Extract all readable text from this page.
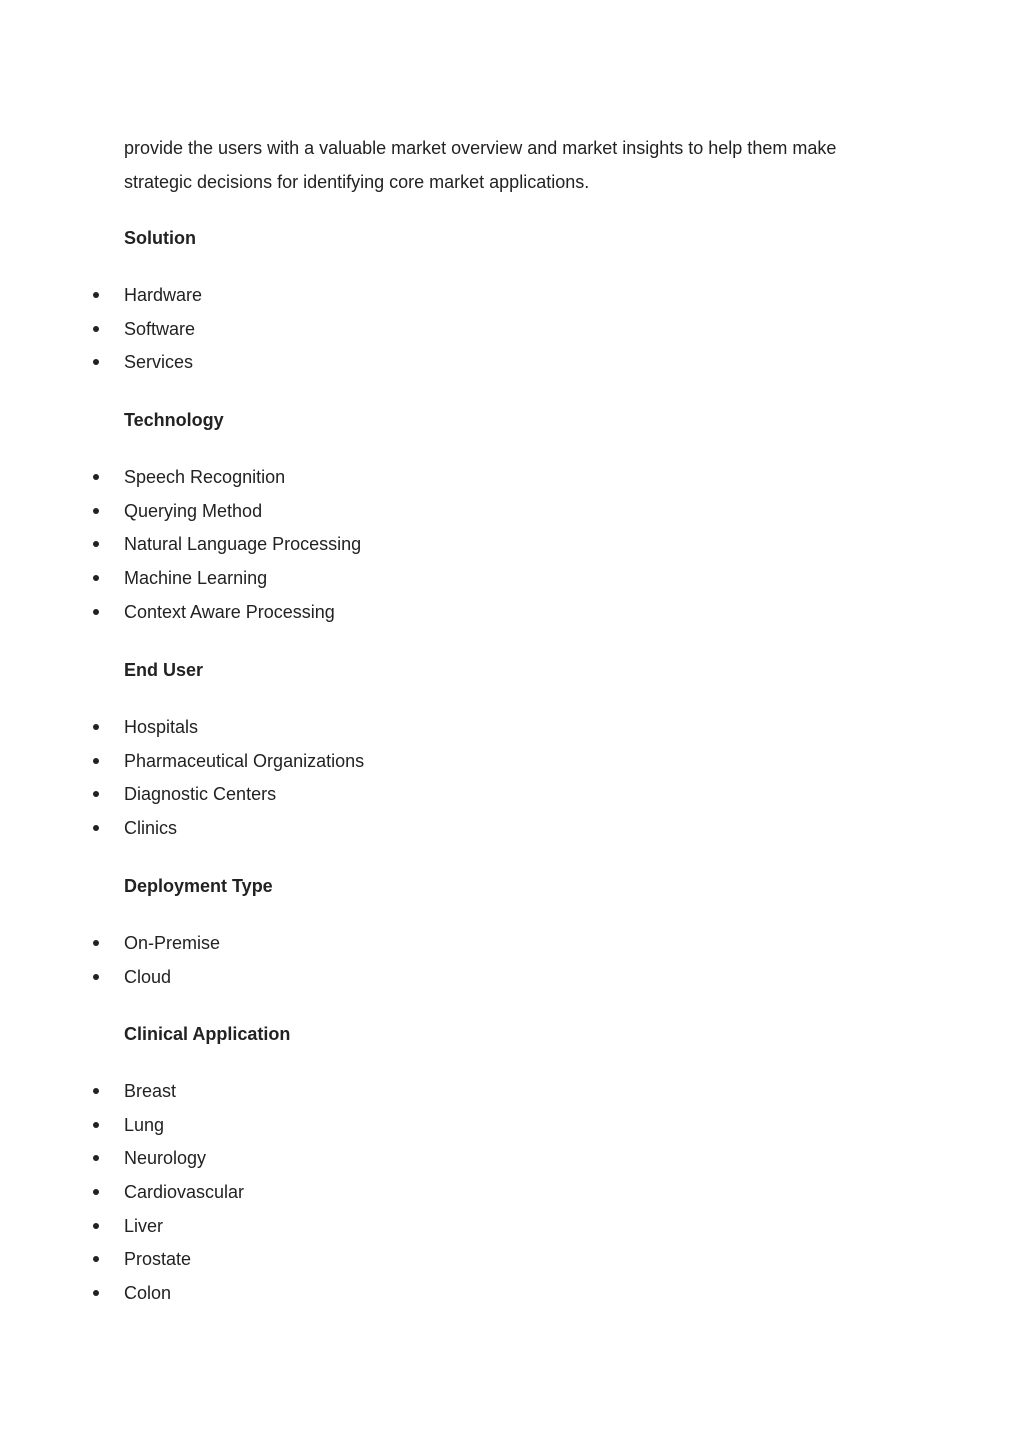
provide the users with a valuable market overview and market insights to help them make
strategic decisions for identifying core market applications.

Solution
Hardware
Software
Services
Technology
Speech Recognition
Querying Method
Natural Language Processing
Machine Learning
Context Aware Processing
End User
Hospitals
Pharmaceutical Organizations
Diagnostic Centers
Clinics
Deployment Type
On-Premise
Cloud
Clinical Application
Breast
Lung
Neurology
Cardiovascular
Liver
Prostate
Colon
